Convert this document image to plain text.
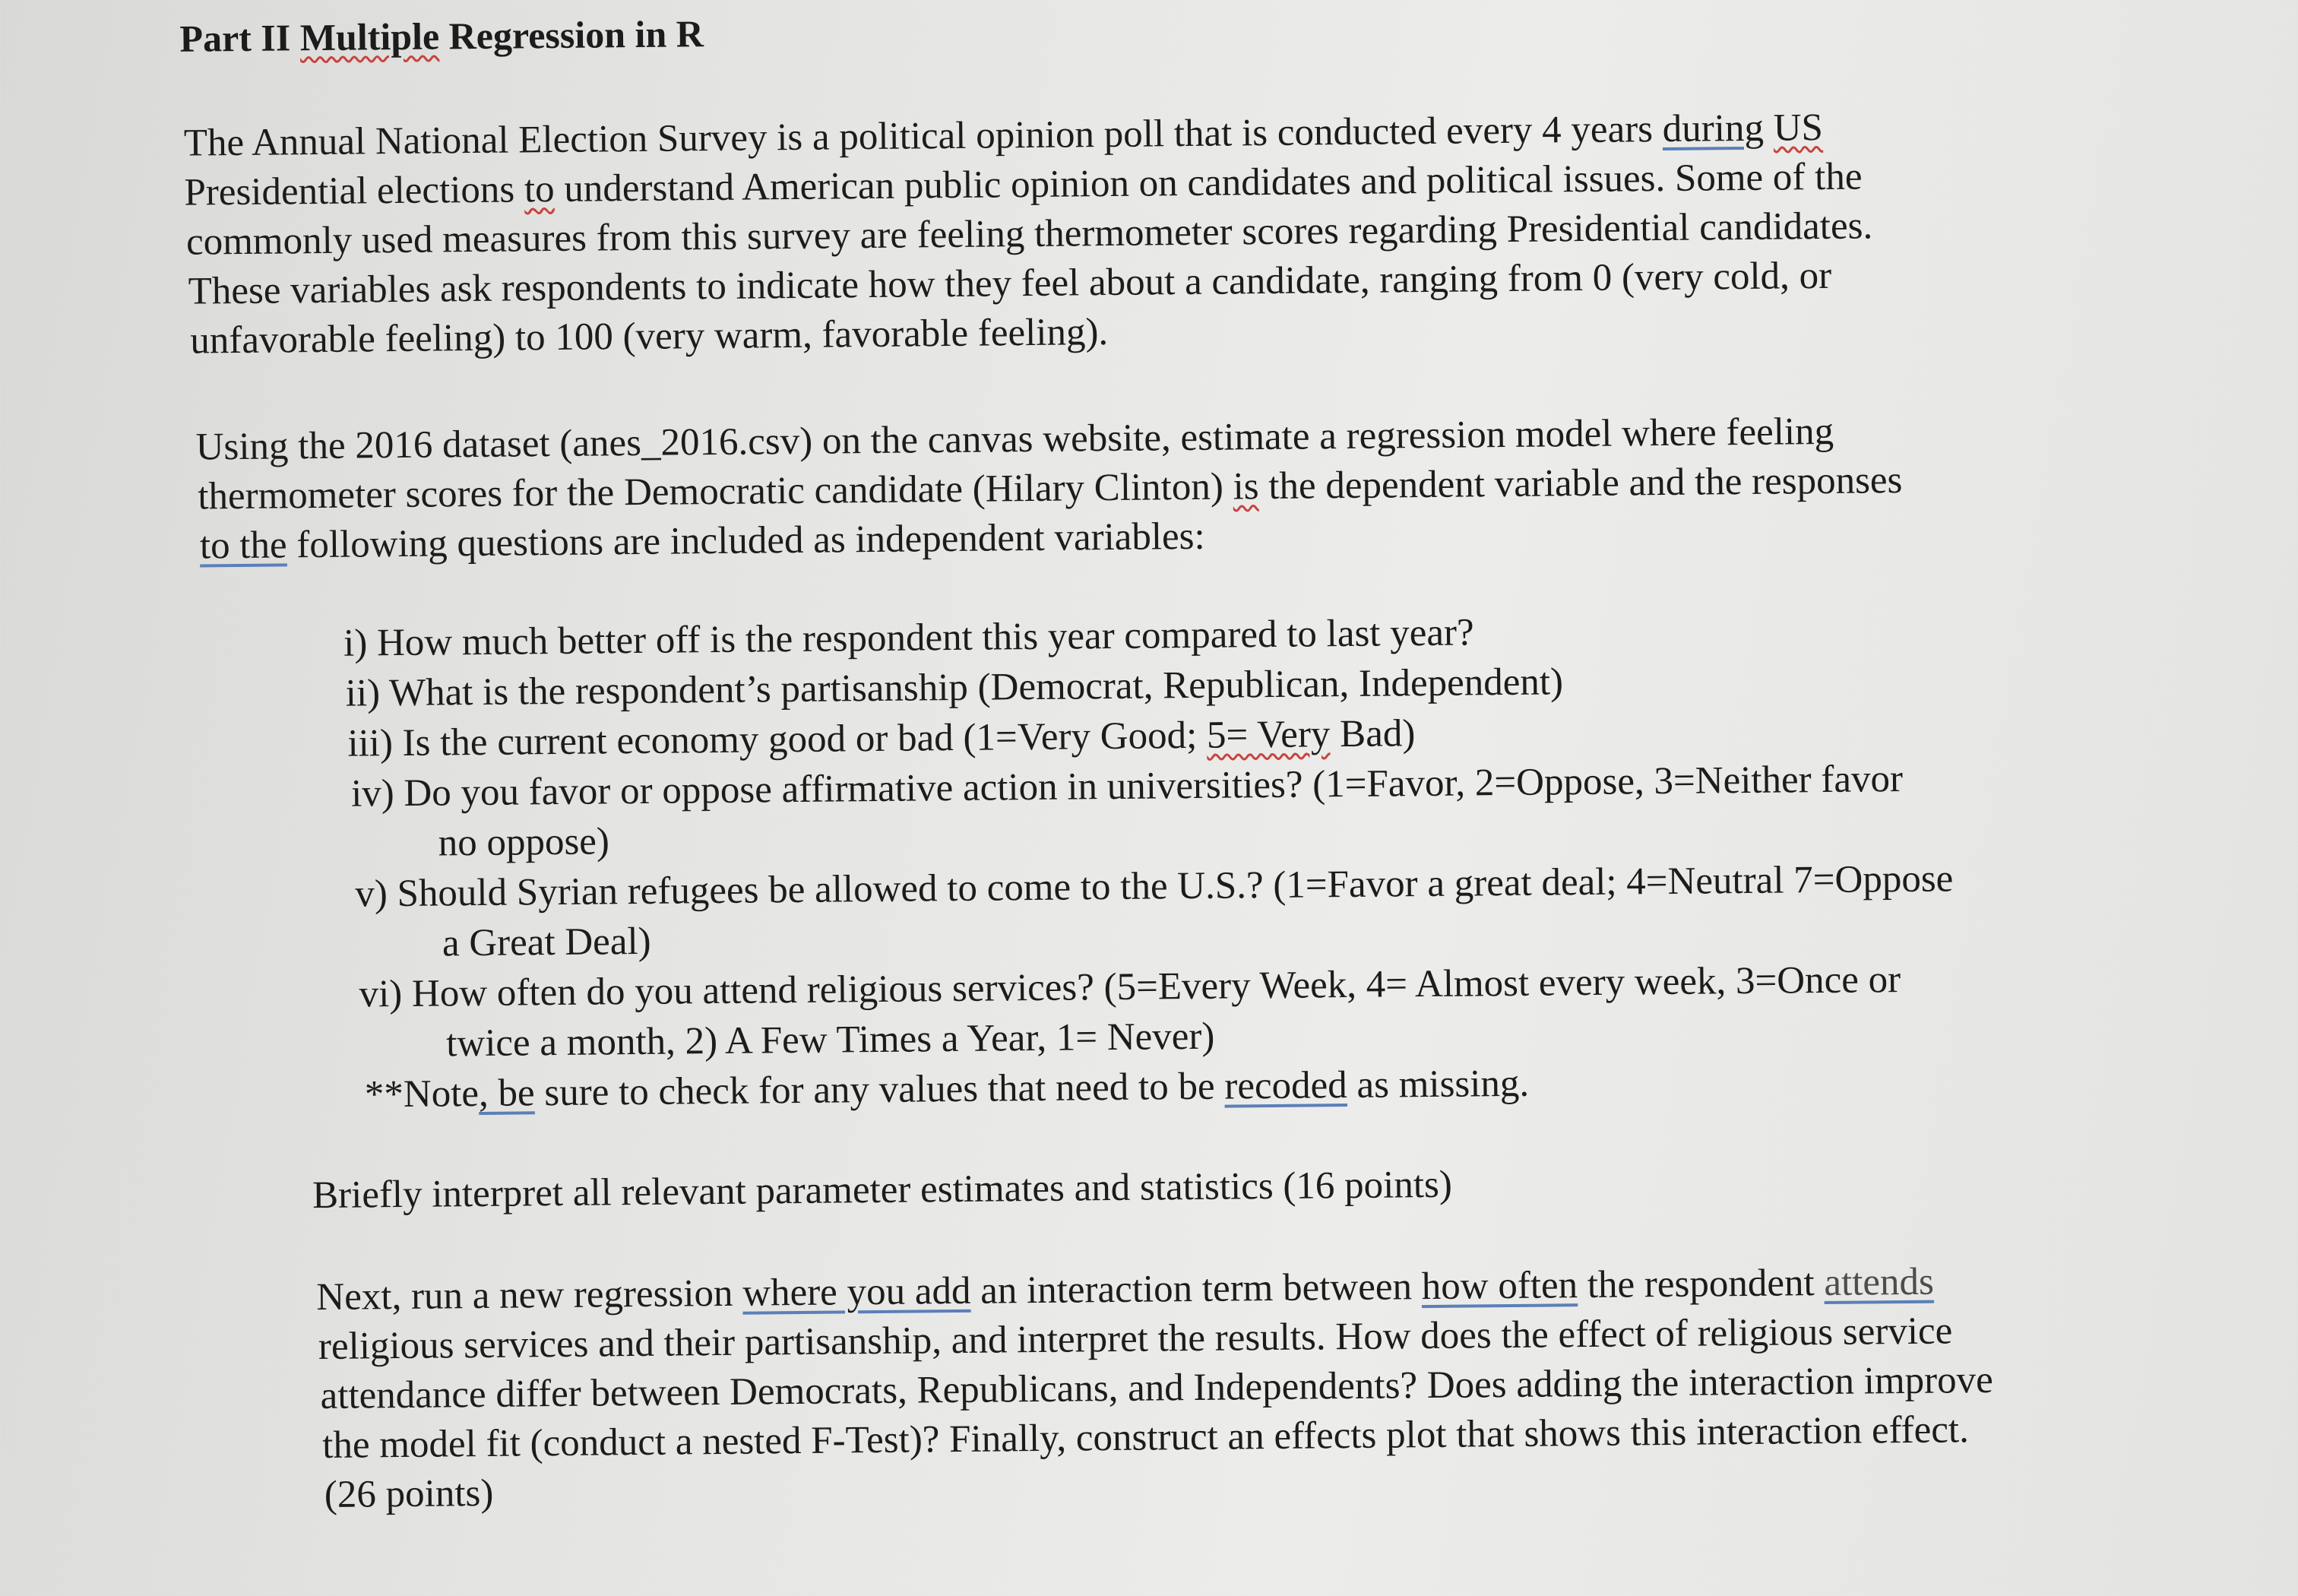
Part II Multiple Regression in R
The Annual National Election Survey is a political opinion poll that is conducted every 4 years during US
Presidential elections to understand American public opinion on candidates and political issues. Some of the
commonly used measures from this survey are feeling thermometer scores regarding Presidential candidates.
These variables ask respondents to indicate how they feel about a candidate, ranging from 0 (very cold, or
unfavorable feeling) to 100 (very warm, favorable feeling).
Using the 2016 dataset (anes_2016.csv) on the canvas website, estimate a regression model where feeling
thermometer scores for the Democratic candidate (Hilary Clinton) is the dependent variable and the responses
to the following questions are included as independent variables:
i) How much better off is the respondent this year compared to last year?
ii) What is the respondent’s partisanship (Democrat, Republican, Independent)
iii) Is the current economy good or bad (1=Very Good; 5= Very Bad)
iv) Do you favor or oppose affirmative action in universities? (1=Favor, 2=Oppose, 3=Neither favor
no oppose)
v) Should Syrian refugees be allowed to come to the U.S.? (1=Favor a great deal; 4=Neutral 7=Oppose
a Great Deal)
vi) How often do you attend religious services? (5=Every Week, 4= Almost every week, 3=Once or
twice a month, 2) A Few Times a Year, 1= Never)
**Note, be sure to check for any values that need to be recoded as missing.
Briefly interpret all relevant parameter estimates and statistics (16 points)
Next, run a new regression where you add an interaction term between how often the respondent attends
religious services and their partisanship, and interpret the results. How does the effect of religious service
attendance differ between Democrats, Republicans, and Independents? Does adding the interaction improve
the model fit (conduct a nested F-Test)? Finally, construct an effects plot that shows this interaction effect.
(26 points)
